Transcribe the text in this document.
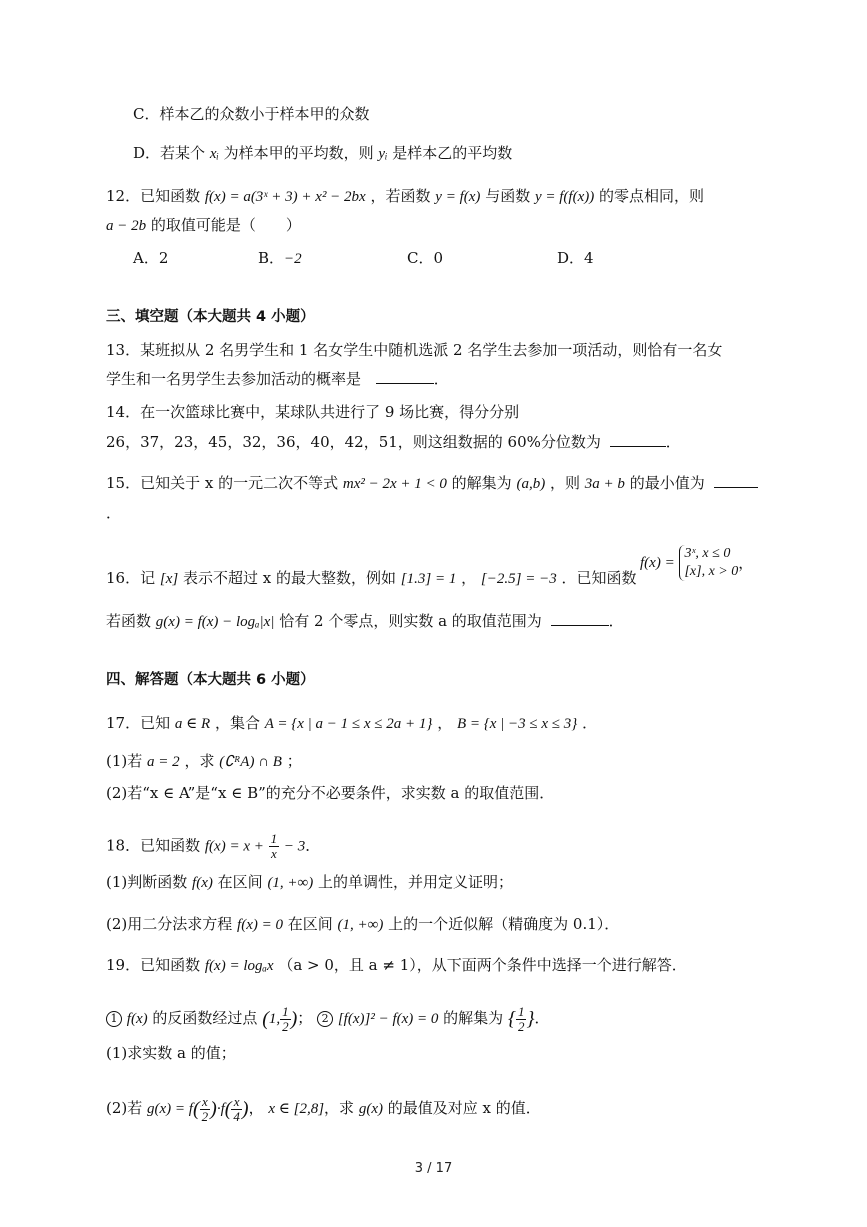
C．样本乙的众数小于样本甲的众数
D．若某个 xᵢ 为样本甲的平均数，则 yᵢ 是样本乙的平均数
12．已知函数 f(x) = a(3ˣ + 3) + x² − 2bx ，若函数 y = f(x) 与函数 y = f(f(x)) 的零点相同，则
a − 2b 的取值可能是（　　）
A．2	B．−2	C．0	D．4
三、填空题（本大题共 4 小题）
13．某班拟从 2 名男学生和 1 名女学生中随机选派 2 名学生去参加一项活动，则恰有一名女
学生和一名男学生去参加活动的概率是	．
14．在一次篮球比赛中，某球队共进行了 9 场比赛，得分分别
26，37，23，45，32，36，40，42，51，则这组数据的 60%分位数为	．
15．已知关于 x 的一元二次不等式 mx² − 2x + 1 < 0 的解集为 (a,b) ，则 3a + b 的最小值为
．
16．记 [x] 表示不超过 x 的最大整数，例如 [1.3] = 1 ， [−2.5] = −3 ．已知函数
f(x) =
3ˣ, x ≤ 0
[x], x > 0 ，
若函数 g(x) = f(x) − logₐ|x| 恰有 2 个零点，则实数 a 的取值范围为	．
四、解答题（本大题共 6 小题）
17．已知 a ∈ R ，集合 A = {x | a − 1 ≤ x ≤ 2a + 1} ， B = {x | −3 ≤ x ≤ 3} ．
(1)若 a = 2 ，求 (∁ᴿA) ∩ B ；
(2)若“x ∈ A”是“x ∈ B”的充分不必要条件，求实数 a 的取值范围．
18．已知函数 $f(x) = x + \frac{1}{x} - 3$．
(1)判断函数 f(x) 在区间 (1, +∞) 上的单调性，并用定义证明；
(2)用二分法求方程 f(x) = 0 在区间 (1, +∞) 上的一个近似解（精确度为 0.1）．
19．已知函数 f(x) = logₐx （a > 0，且 a ≠ 1），从下面两个条件中选择一个进行解答．
1 f(x) 的反函数经过点 (1, $\frac{1}{2}$ )； 2 [f(x)]² − f(x) = 0 的解集为 { $\frac{1}{2}$ }．
(1)求实数 a 的值；
(2)若 $g(x) = f( \frac{x}{2} )\cdot f( \frac{x}{4}$ )， x ∈ [2,8]，求 g(x) 的最值及对应 x 的值．
3 / 17
